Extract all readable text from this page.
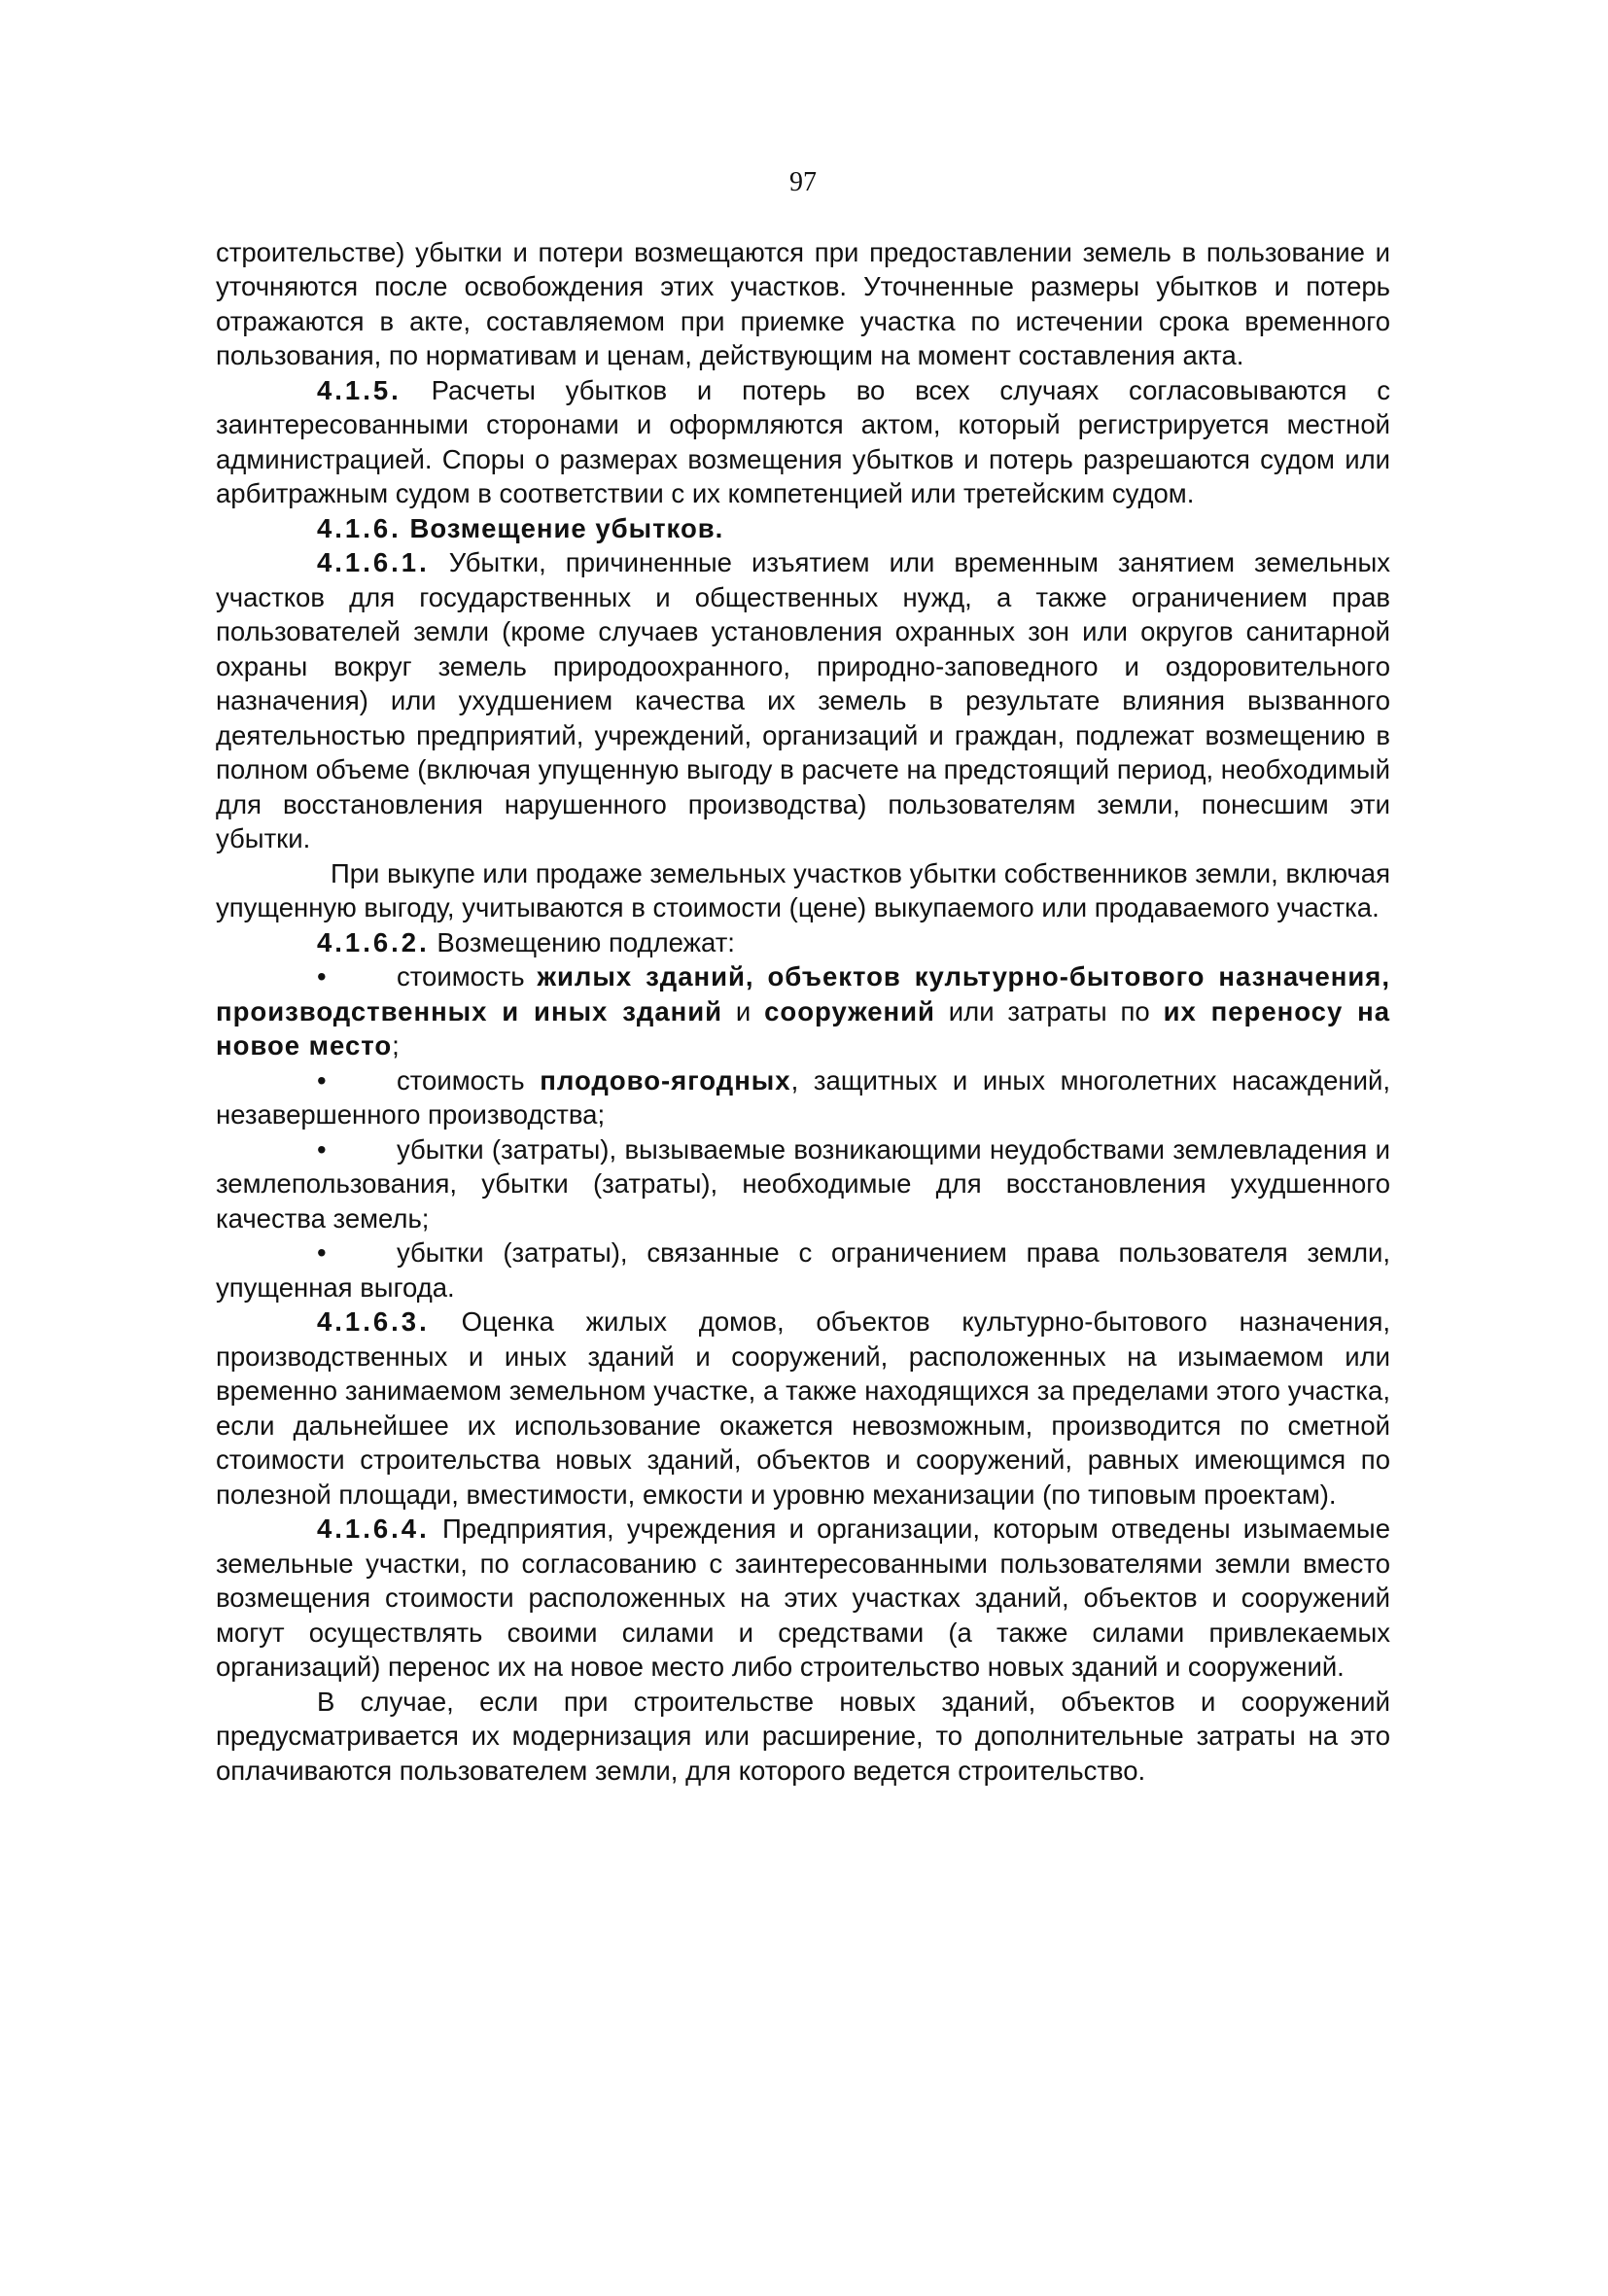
97

строительстве) убытки и потери возмещаются при предоставлении земель в пользование и уточняются после освобождения этих участков. Уточненные размеры убытков и потерь отражаются в акте, составляемом при приемке участка по истечении срока временного пользования, по нормативам и ценам, действующим на момент составления акта.

4.1.5. Расчеты убытков и потерь во всех случаях согласовываются с заинтересованными сторонами и оформляются актом, который регистрируется местной администрацией. Споры о размерах возмещения убытков и потерь разрешаются судом или арбитражным судом в соответствии с их компетенцией или третейским судом.

4.1.6. Возмещение убытков.

4.1.6.1. Убытки, причиненные изъятием или временным занятием земельных участков для государственных и общественных нужд, а также ограничением прав пользователей земли (кроме случаев установления охранных зон или округов санитарной охраны вокруг земель природоохранного, природно-заповедного и оздоровительного назначения) или ухудшением качества их земель в результате влияния вызванного деятельностью предприятий, учреждений, организаций и граждан, подлежат возмещению в полном объеме (включая упущенную выгоду в расчете на предстоящий период, необходимый для восстановления нарушенного производства) пользователям земли, понесшим эти убытки.

При выкупе или продаже земельных участков убытки собственников земли, включая упущенную выгоду, учитываются в стоимости (цене) выкупаемого или продаваемого участка.

4.1.6.2. Возмещению подлежат:

•	стоимость жилых зданий, объектов культурно-бытового назначения, производственных и иных зданий и сооружений или затраты по их переносу на новое место;

•	стоимость плодово-ягодных, защитных и иных многолетних насаждений, незавершенного производства;

•	убытки (затраты), вызываемые возникающими неудобствами землевладения и землепользования, убытки (затраты), необходимые для восстановления ухудшенного качества земель;

•	убытки (затраты), связанные с ограничением права пользователя земли, упущенная выгода.

4.1.6.3. Оценка жилых домов, объектов культурно-бытового назначения, производственных и иных зданий и сооружений, расположенных на изымаемом или временно занимаемом земельном участке, а также находящихся за пределами этого участка, если дальнейшее их использование окажется невозможным, производится по сметной стоимости строительства новых зданий, объектов и сооружений, равных имеющимся по полезной площади, вместимости, емкости и уровню механизации (по типовым проектам).

4.1.6.4. Предприятия, учреждения и организации, которым отведены изымаемые земельные участки, по согласованию с заинтересованными пользователями земли вместо возмещения стоимости расположенных на этих участках зданий, объектов и сооружений могут осуществлять своими силами и средствами (а также силами привлекаемых организаций) перенос их на новое место либо строительство новых зданий и сооружений.

В случае, если при строительстве новых зданий, объектов и сооружений предусматривается их модернизация или расширение, то дополнительные затраты на это оплачиваются пользователем земли, для которого ведется строительство.
